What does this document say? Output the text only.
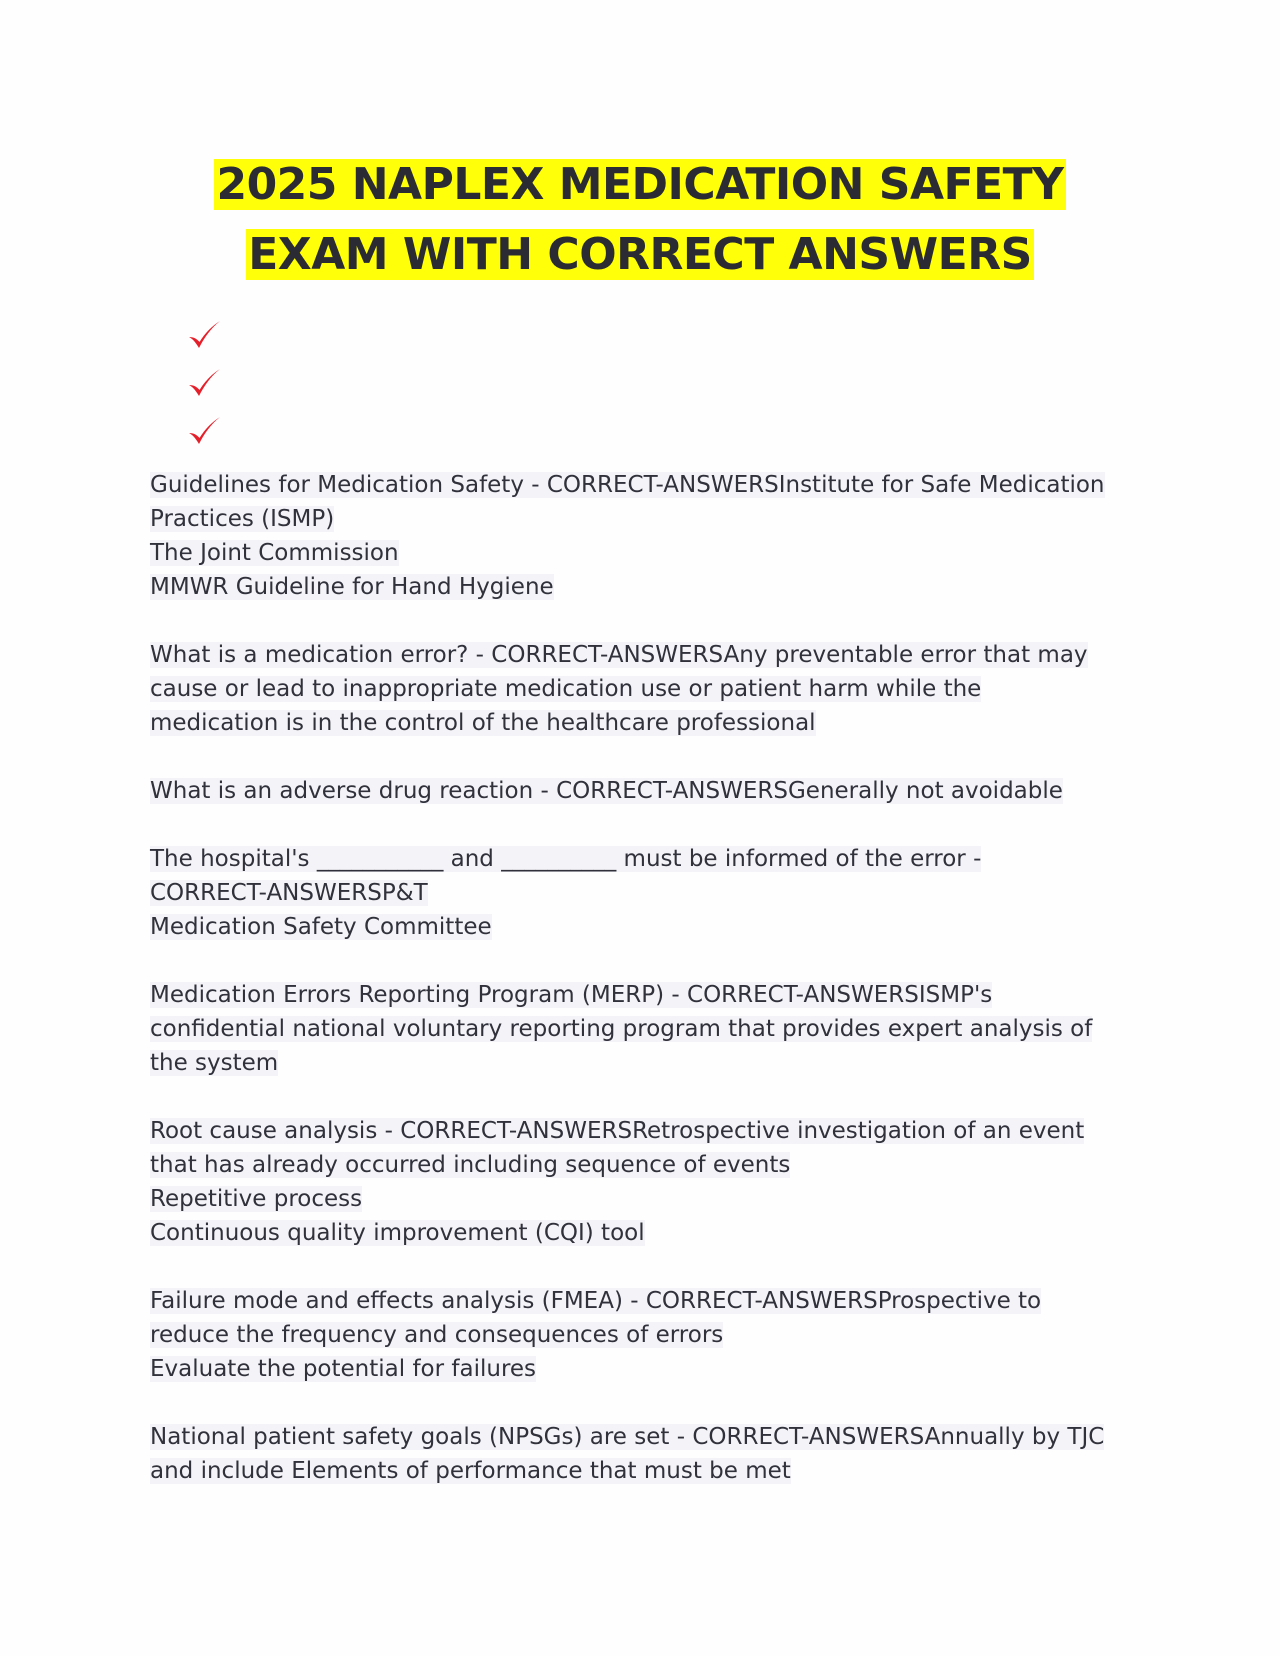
2025 NAPLEX MEDICATION SAFETY
EXAM WITH CORRECT ANSWERS
Guidelines for Medication Safety - CORRECT-ANSWERSInstitute for Safe Medication
Practices (ISMP)
The Joint Commission
MMWR Guideline for Hand Hygiene
What is a medication error? - CORRECT-ANSWERSAny preventable error that may
cause or lead to inappropriate medication use or patient harm while the
medication is in the control of the healthcare professional
What is an adverse drug reaction - CORRECT-ANSWERSGenerally not avoidable
The hospital's ___________ and __________ must be informed of the error -
CORRECT-ANSWERSP&T
Medication Safety Committee
Medication Errors Reporting Program (MERP) - CORRECT-ANSWERSISMP's
confidential national voluntary reporting program that provides expert analysis of
the system
Root cause analysis - CORRECT-ANSWERSRetrospective investigation of an event
that has already occurred including sequence of events
Repetitive process
Continuous quality improvement (CQI) tool
Failure mode and effects analysis (FMEA) - CORRECT-ANSWERSProspective to
reduce the frequency and consequences of errors
Evaluate the potential for failures
National patient safety goals (NPSGs) are set - CORRECT-ANSWERSAnnually by TJC
and include Elements of performance that must be met
